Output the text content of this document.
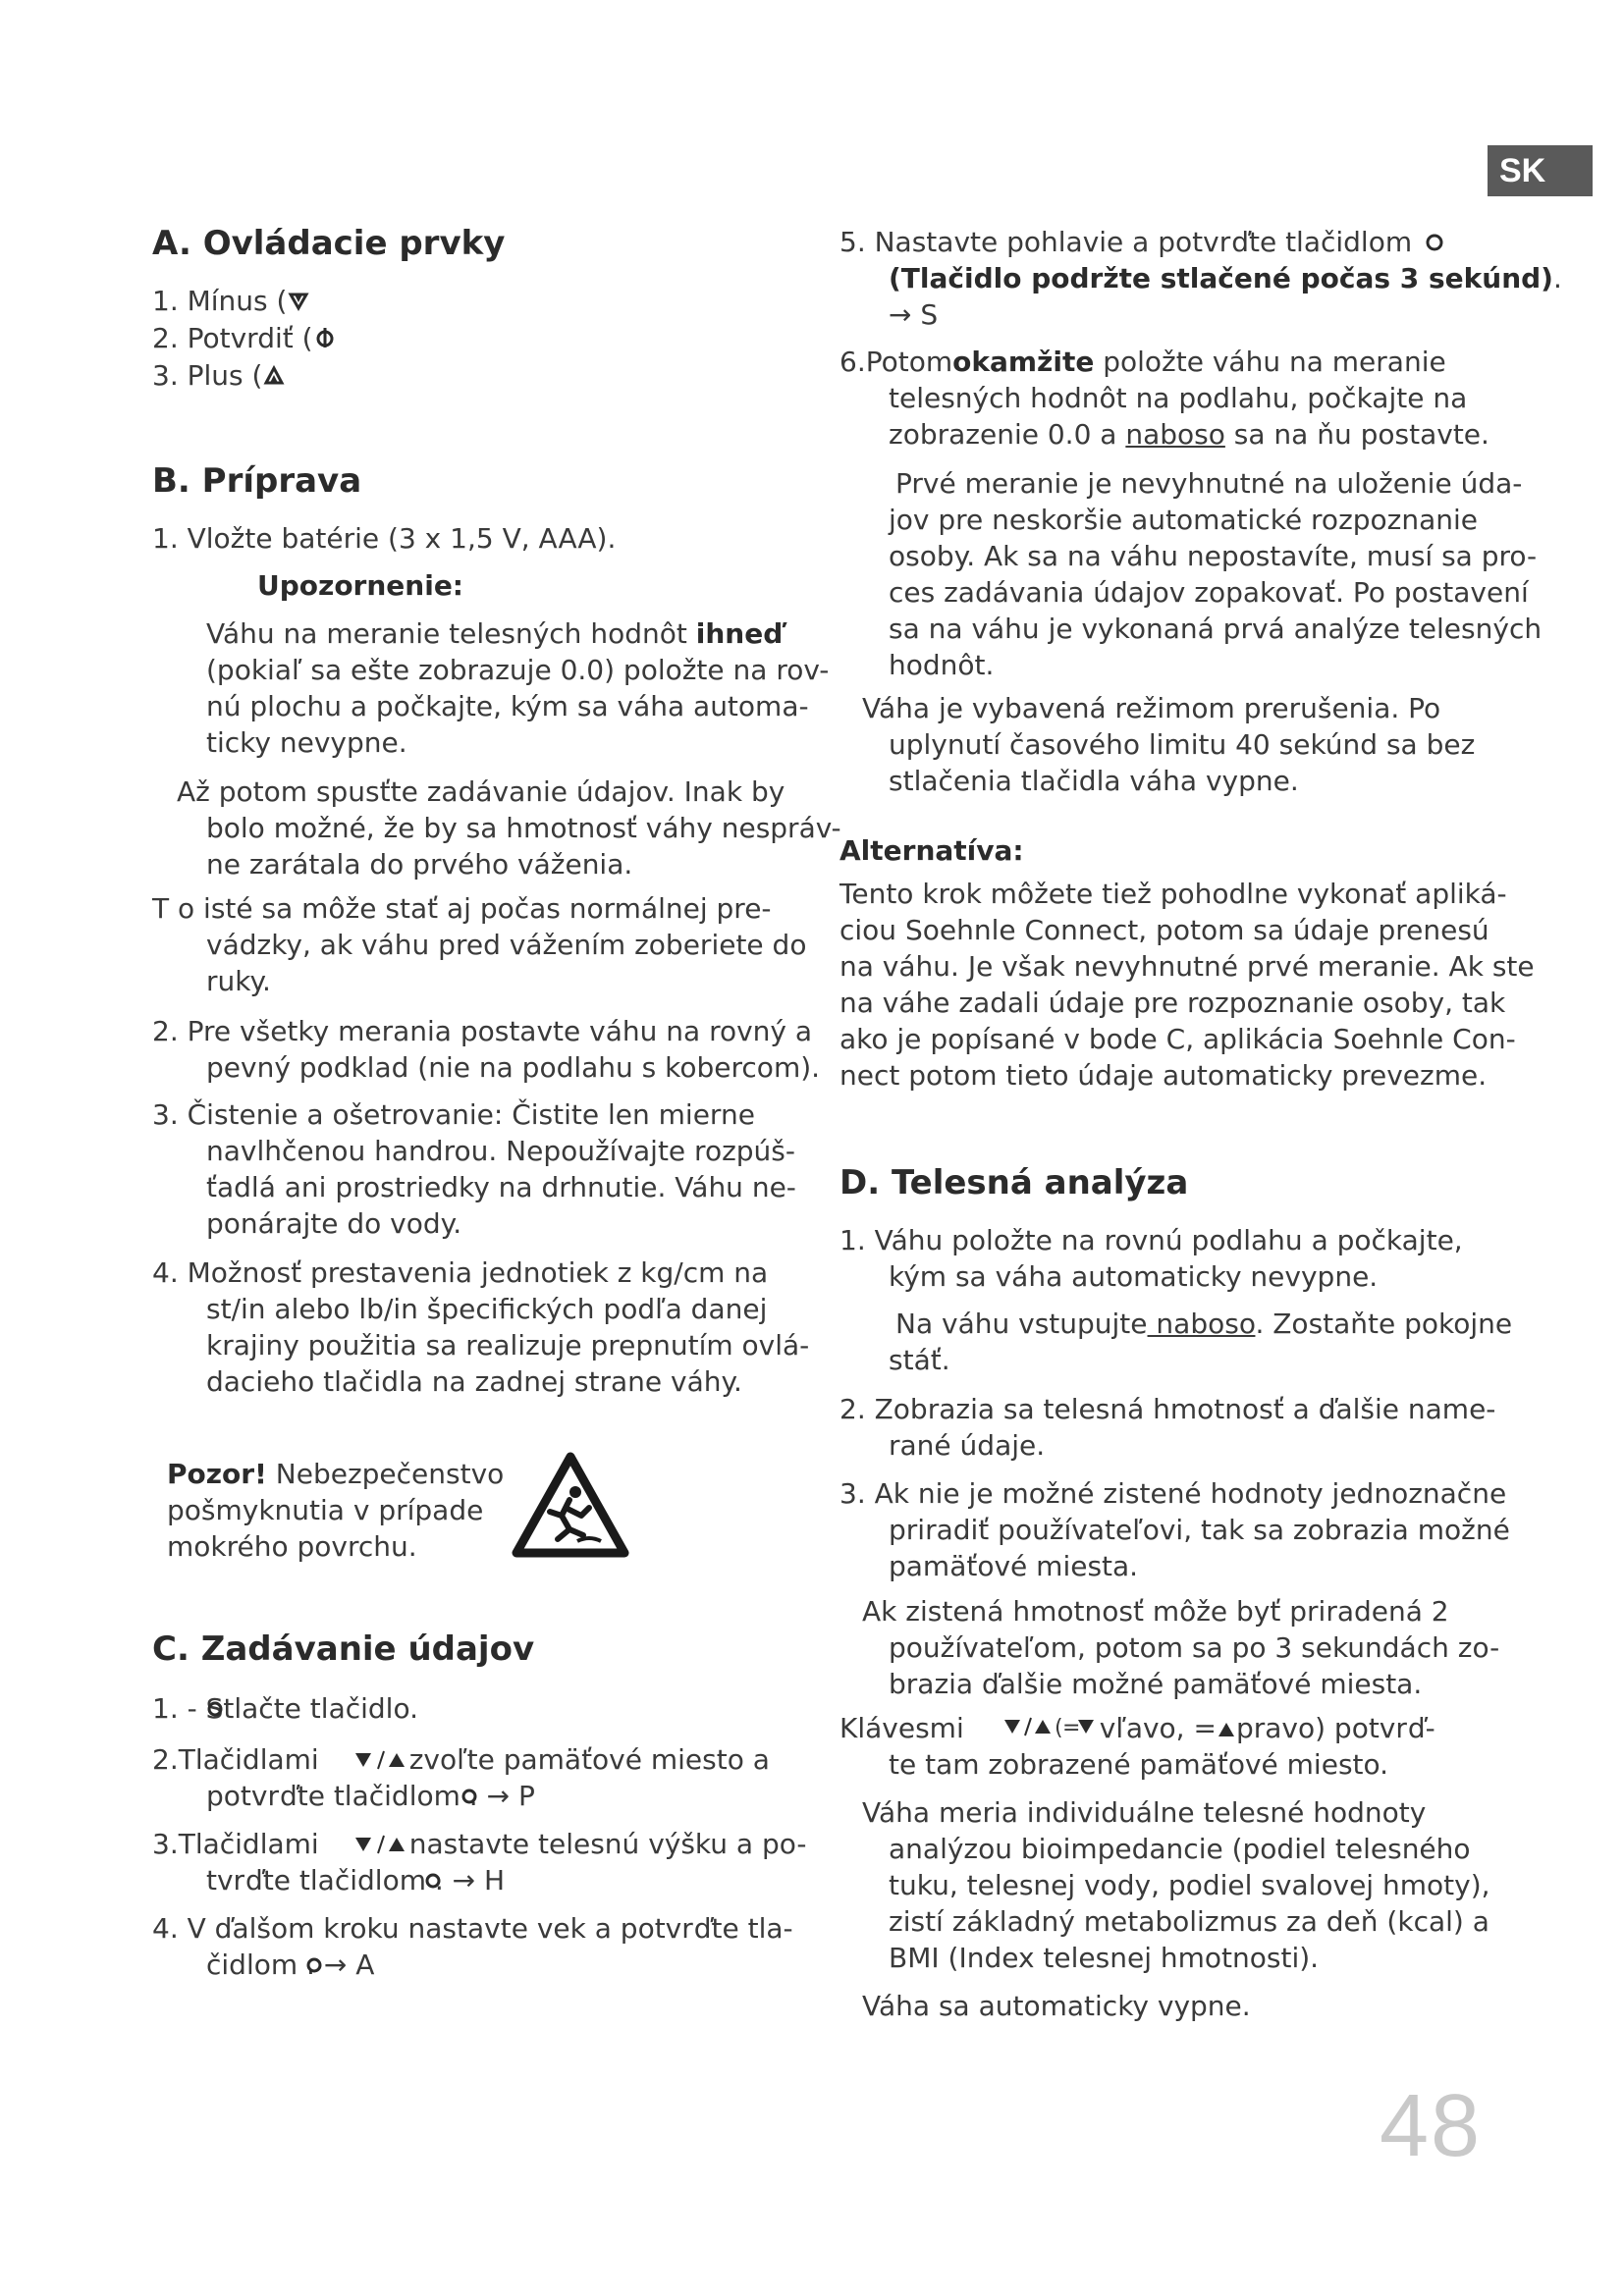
SK
48
A. Ovládacie prvky
1. Mínus (
2. Potvrdiť (
3. Plus (
B. Príprava
1. Vložte batérie (3 x 1,5 V, AAA).
Upozornenie:
Váhu na meranie telesných hodnôt ihneď
(pokiaľ sa ešte zobrazuje 0.0) položte na rov-
nú plochu a počkajte, kým sa váha automa-
ticky nevypne.
Až potom spusťte zadávanie údajov. Inak by
bolo možné, že by sa hmotnosť váhy nespráv-
ne zarátala do prvého váženia.
T o isté sa môže stať aj počas normálnej pre-
vádzky, ak váhu pred vážením zoberiete do
ruky.
2. Pre všetky merania postavte váhu na rovný a
pevný podklad (nie na podlahu s kobercom).
3. Čistenie a ošetrovanie: Čistite len mierne
navlhčenou handrou. Nepoužívajte rozpúš-
ťadlá ani prostriedky na drhnutie. Váhu ne-
ponárajte do vody.
4. Možnosť prestavenia jednotiek z kg/cm na
st/in alebo lb/in špecifických podľa danej
krajiny použitia sa realizuje prepnutím ovlá-
dacieho tlačidla na zadnej strane váhy.
Pozor! Nebezpečenstvo
pošmyknutia v prípade
mokrého povrchu.
C. Zadávanie údajov
1. - Stlačte tlačidlo.
2.Tlačidlami	zvoľte pamäťové miesto a
potvrďte tlačidlom . → P
3.Tlačidlami	nastavte telesnú výšku a po-
tvrďte tlačidlom . → H
4. V ďalšom kroku nastavte vek a potvrďte tla-
čidlom . → A
5. Nastavte pohlavie a potvrďte tlačidlom
(Tlačidlo podržte stlačené počas 3 sekúnd).
→ S
6.Potomokamžite položte váhu na meranie
telesných hodnôt na podlahu, počkajte na
zobrazenie 0.0 a naboso sa na ňu postavte.
Prvé meranie je nevyhnutné na uloženie úda-
jov pre neskoršie automatické rozpoznanie
osoby. Ak sa na váhu nepostavíte, musí sa pro-
ces zadávania údajov zopakovať. Po postavení
sa na váhu je vykonaná prvá analýze telesných
hodnôt.
Váha je vybavená režimom prerušenia. Po
uplynutí časového limitu 40 sekúnd sa bez
stlačenia tlačidla váha vypne.
Alternatíva:
Tento krok môžete tiež pohodlne vykonať apliká-
ciou Soehnle Connect, potom sa údaje prenesú
na váhu. Je však nevyhnutné prvé meranie. Ak ste
na váhe zadali údaje pre rozpoznanie osoby, tak
ako je popísané v bode C, aplikácia Soehnle Con-
nect potom tieto údaje automaticky prevezme.
D. Telesná analýza
1. Váhu položte na rovnú podlahu a počkajte,
kým sa váha automaticky nevypne.
Na váhu vstupujte naboso. Zostaňte pokojne
stáť.
2. Zobrazia sa telesná hmotnosť a ďalšie name-
rané údaje.
3. Ak nie je možné zistené hodnoty jednoznačne
priradiť používateľovi, tak sa zobrazia možné
pamäťové miesta.
Ak zistená hmotnosť môže byť priradená 2
používateľom, potom sa po 3 sekundách zo-
brazia ďalšie možné pamäťové miesta.
Klávesmi	( = vľavo, = pravo) potvrď-
te tam zobrazené pamäťové miesto.
Váha meria individuálne telesné hodnoty
analýzou bioimpedancie (podiel telesného
tuku, telesnej vody, podiel svalovej hmoty),
zistí základný metabolizmus za deň (kcal) a
BMI (Index telesnej hmotnosti).
Váha sa automaticky vypne.
